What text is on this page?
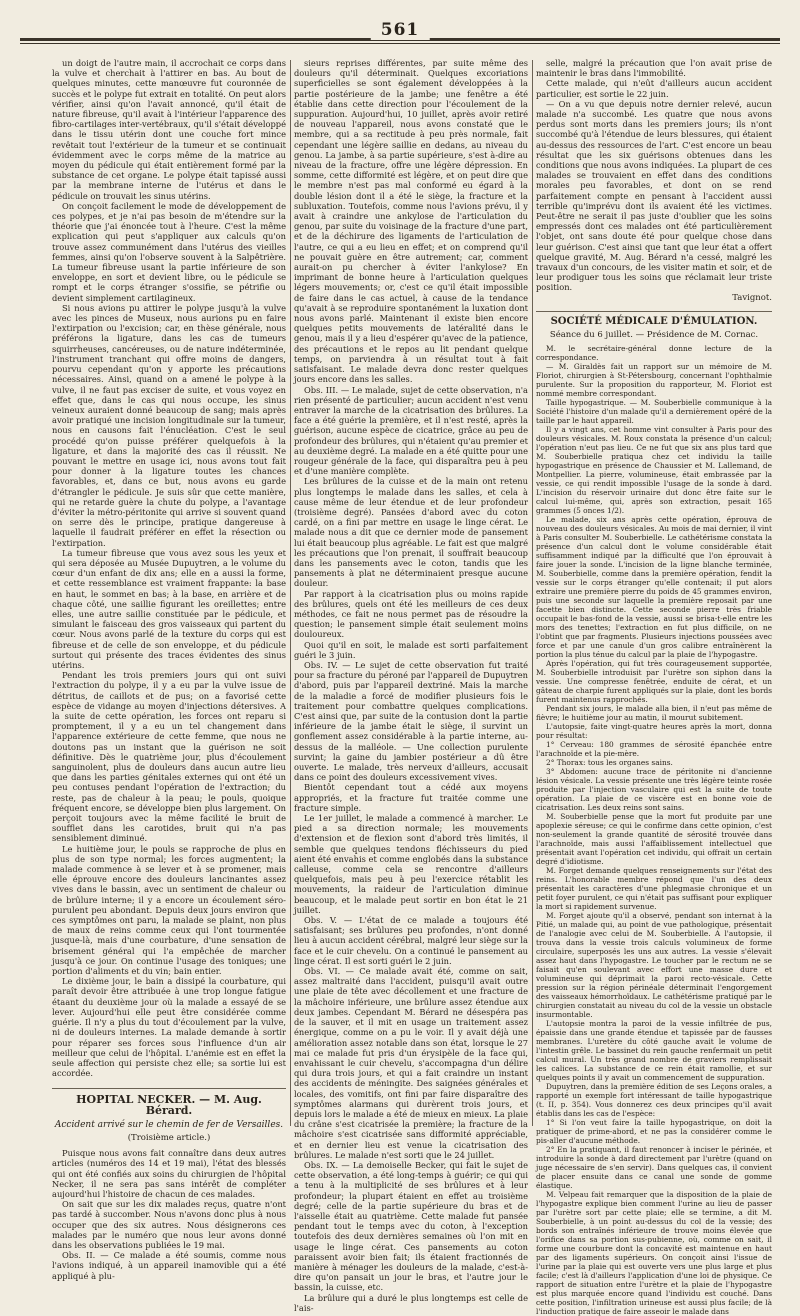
561

un doigt de l'autre main, il accrochait ce corps dans la vulve et cherchait à l'attirer en bas. Au bout de quelques minutes, cette manœuvre fut couronnée de succès et le polype fut extrait en totalité. On peut alors vérifier, ainsi qu'on l'avait annoncé, qu'il était de nature fibreuse, qu'il avait à l'intérieur l'apparence des fibro-cartilages inter-vertébraux, qu'il s'était développé dans le tissu utérin dont une couche fort mince revêtait tout l'extérieur de la tumeur et se continuait évidemment avec le corps même de la matrice au moyen du pédicule qui était entièrement formé par la substance de cet organe. Le polype était tapissé aussi par la membrane interne de l'utérus et dans le pédicule on trouvait les sinus utérins.

On conçoit facilement le mode de développement de ces polypes, et je n'ai pas besoin de m'étendre sur la théorie que j'ai énoncée tout à l'heure. C'est la même explication qui peut s'appliquer aux calculs qu'on trouve assez communément dans l'utérus des vieilles femmes, ainsi qu'on l'observe souvent à la Salpêtrière. La tumeur fibreuse usant la partie inférieure de son enveloppe, en sort et devient libre, ou le pédicule se rompt et le corps étranger s'ossifie, se pétrifie ou devient simplement cartilagineux.

Si nous avions pu attirer le polype jusqu'à la vulve avec les pinces de Museux, nous aurions pu en faire l'extirpation ou l'excision; car, en thèse générale, nous préférons la ligature, dans les cas de tumeurs squirrheuses, cancéreuses, ou de nature indéterminée, l'instrument tranchant qui offre moins de dangers, pourvu cependant qu'on y apporte les précautions nécessaires. Ainsi, quand on a amené le polype à la vulve, il ne faut pas exciser de suite, et vous voyez en effet que, dans le cas qui nous occupe, les sinus veineux auraient donné beaucoup de sang; mais après avoir pratiqué une incision longitudinale sur la tumeur, nous en causons fait l'énucléation. C'est le seul procédé qu'on puisse préférer quelquefois à la ligature, et dans la majorité des cas il réussit. Ne pouvant le mettre en usage ici, nous avons tout fait pour donner à la ligature toutes les chances favorables, et, dans ce but, nous avons eu garde d'étrangler le pédicule. Je suis sûr que cette manière, qui ne retarde guère la chute du polype, a l'avantage d'éviter la métro-péritonite qui arrive si souvent quand on serre dès le principe, pratique dangereuse à laquelle il faudrait préférer en effet la résection ou l'extirpation.

La tumeur fibreuse que vous avez sous les yeux et qui sera déposée au Musée Dupuytren, a le volume du cœur d'un enfant de dix ans; elle en a aussi la forme, et cette ressemblance est vraiment frappante: la base en haut, le sommet en bas; à la base, en arrière et de chaque côté, une saillie figurant les oreillettes; entre elles, une autre saillie constituée par le pédicule, et simulant le faisceau des gros vaisseaux qui partent du cœur. Nous avons parlé de la texture du corps qui est fibreuse et de celle de son enveloppe, et du pédicule surtout qui présente des traces évidentes des sinus utérins.

Pendant les trois premiers jours qui ont suivi l'extraction du polype, il y a eu par la vulve issue de détritus, de caillots et de pus; on a favorisé cette espèce de vidange au moyen d'injections détersives. A la suite de cette opération, les forces ont reparu si promptement, il y a eu un tel changement dans l'apparence extérieure de cette femme, que nous ne doutons pas un instant que la guérison ne soit définitive. Dès le quatrième jour, plus d'écoulement sanguinolent, plus de douleurs dans aucun autre lieu que dans les parties génitales externes qui ont été un peu contuses pendant l'opération de l'extraction; du reste, pas de chaleur à la peau; le pouls, quoique fréquent encore, se développe bien plus largement. On perçoit toujours avec la même facilité le bruit de soufflet dans les carotides, bruit qui n'a pas sensiblement diminué.

Le huitième jour, le pouls se rapproche de plus en plus de son type normal; les forces augmentent; la malade commence à se lever et à se promener, mais elle éprouve encore des douleurs lancinantes assez vives dans le bassin, avec un sentiment de chaleur ou de brûlure interne; il y a encore un écoulement séro-purulent peu abondant. Depuis deux jours environ que ces symptômes ont paru, la malade se plaint, non plus de maux de reins comme ceux qui l'ont tourmentée jusque-là, mais d'une courbature, d'une sensation de brisement général qui l'a empêchée de marcher jusqu'à ce jour. On continue l'usage des toniques; une portion d'aliments et du vin; bain entier.

Le dixième jour, le bain a dissipé la courbature, qui paraît devoir être attribuée à une trop longue fatigue étaant du deuxième jour où la malade a essayé de se lever. Aujourd'hui elle peut être considérée comme guérie. Il n'y a plus du tout d'écoulement par la vulve, ni de douleurs internes. La malade demande à sortir pour réparer ses forces sous l'influence d'un air meilleur que celui de l'hôpital. L'anémie est en effet la seule affection qui persiste chez elle; sa sortie lui est accordée.

HOPITAL NECKER. — M. Aug. Bérard.
Accident arrivé sur le chemin de fer de Versailles.
(Troisième article.)

Puisque nous avons fait connaître dans deux autres articles (numéros des 14 et 19 mai), l'état des blessés qui ont été confiés aux soins du chirurgien de l'hôpital Necker, il ne sera pas sans intérêt de compléter aujourd'hui l'histoire de chacun de ces malades.

On sait que sur les dix malades reçus, quatre n'ont pas tardé à succomber. Nous n'avons donc plus à nous occuper que des six autres. Nous désignerons ces malades par le numéro que nous leur avons donné dans les observations publiées le 19 mai.

Obs. II. — Ce malade a été soumis, comme nous l'avions indiqué, à un appareil inamovible qui a été appliqué à plu-

sieurs reprises différentes, par suite même des douleurs qu'il déterminait. Quelques excoriations superficielles se sont également développées à la partie postérieure de la jambe; une fenêtre a été établie dans cette direction pour l'écoulement de la suppuration. Aujourd'hui, 10 juillet, après avoir retiré de nouveau l'appareil, nous avons constaté que le membre, qui a sa rectitude à peu près normale, fait cependant une légère saillie en dedans, au niveau du genou. La jambe, à sa partie supérieure, s'est à-dire au niveau de la fracture, offre une légère dépression. En somme, cette difformité est légère, et on peut dire que le membre n'est pas mal conformé eu égard à la double lésion dont il a été le siège, la fracture et la subluxation. Toutefois, comme nous l'avions prévu, il y avait à craindre une ankylose de l'articulation du genou, par suite du voisinage de la fracture d'une part, et de la déchirure des ligaments de l'articulation de l'autre, ce qui a eu lieu en effet; et on comprend qu'il ne pouvait guère en être autrement; car, comment aurait-on pu chercher à éviter l'ankylose? En imprimant de bonne heure à l'articulation quelques légers mouvements; or, c'est ce qu'il était impossible de faire dans le cas actuel, à cause de la tendance qu'avait à se reproduire spontanément la luxation dont nous avons parlé. Maintenant il existe bien encore quelques petits mouvements de latéralité dans le genou, mais il y a lieu d'espérer qu'avec de la patience, des précautions et le repos au lit pendant quelque temps, on parviendra à un résultat tout à fait satisfaisant. Le malade devra donc rester quelques jours encore dans les salles.

Obs. III. — Le malade, sujet de cette observation, n'a rien présenté de particulier; aucun accident n'est venu entraver la marche de la cicatrisation des brûlures. La face a été guérie la première, et il n'est resté, après la guérison, aucune espèce de cicatrice, grâce au peu de profondeur des brûlures, qui n'étaient qu'au premier et au deuxième degré. La malade en a été quitte pour une rougeur générale de la face, qui disparaîtra peu à peu et d'une manière complète.

Les brûlures de la cuisse et de la main ont retenu plus longtemps le malade dans les salles, et cela à cause même de leur étendue et de leur profondeur (troisième degré). Pansées d'abord avec du coton cardé, on a fini par mettre en usage le linge cérat. Le malade nous a dit que ce dernier mode de pansement lui était beaucoup plus agréable. Le fait est que malgré les précautions que l'on prenait, il souffrait beaucoup dans les pansements avec le coton, tandis que les pansements à plat ne déterminaient presque aucune douleur.

Par rapport à la cicatrisation plus ou moins rapide des brûlures, quels ont été les meilleurs de ces deux méthodes, ce fait ne nous permet pas de résoudre la question; le pansement simple était seulement moins douloureux.

Quoi qu'il en soit, le malade est sorti parfaitement guéri le 3 juin.

Obs. IV. — Le sujet de cette observation fut traité pour sa fracture du péroné par l'appareil de Dupuytren d'abord, puis par l'appareil dextriné. Mais la marche de la maladie a forcé de modifier plusieurs fois le traitement pour combattre quelques complications. C'est ainsi que, par suite de la contusion dont la partie inférieure de la jambe était le siège, il survint un gonflement assez considérable à la partie interne, au-dessus de la malléole. — Une collection purulente survint; la gaine du jambier postérieur a dû être ouverte. Le malade, très nerveux d'ailleurs, accusait dans ce point des douleurs excessivement vives.

Bientôt cependant tout a cédé aux moyens appropriés, et la fracture fut traitée comme une fracture simple.

Le 1er juillet, le malade a commencé à marcher. Le pied a sa direction normale; les mouvements d'extension et de flexion sont d'abord très limités, il semble que quelques tendons fléchisseurs du pied aient été envahis et comme englobés dans la substance calleuse, comme cela se rencontre d'ailleurs quelquefois, mais peu à peu l'exercice rétablit les mouvements, la raideur de l'articulation diminue beaucoup, et le malade peut sortir en bon état le 21 juillet.

Obs. V. — L'état de ce malade a toujours été satisfaisant; ses brûlures peu profondes, n'ont donné lieu à aucun accident cérébral, malgré leur siège sur la face et le cuir chevelu. On a continué le pansement au linge cérat. Il est sorti guéri le 2 juin.

Obs. VI. — Ce malade avait été, comme on sait, assez maltraité dans l'accident, puisqu'il avait outre une plaie de tête avec décollement et une fracture de la mâchoire inférieure, une brûlure assez étendue aux deux jambes. Cependant M. Bérard ne désespéra pas de la sauver, et il mit en usage un traitement assez énergique, comme on a pu le voir. Il y avait déjà une amélioration assez notable dans son état, lorsque le 27 mai ce malade fut pris d'un érysipèle de la face qui, envahissant le cuir chevelu, s'accompagna d'un délire qui dura trois jours, et qui a fait craindre un instant des accidents de méningite. Des saignées générales et locales, des vomitifs, ont fini par faire disparaître des symptômes alarmans qui durèrent trois jours, et depuis lors le malade a été de mieux en mieux. La plaie du crâne s'est cicatrisée la première; la fracture de la mâchoire s'est cicatrisée sans difformité appréciable, et en dernier lieu est venue la cicatrisation des brûlures. Le malade n'est sorti que le 24 juillet.

Obs. IX. — La demoiselle Becker, qui fait le sujet de cette observation, a été long-temps à guérir; ce qui qui a tenu à la multiplicité de ses brûlures et à leur profondeur; la plupart étaient en effet au troisième degré; celle de la partie supérieure du bras et de l'aisselle était au quatrième. Cette malade fut pansée pendant tout le temps avec du coton, à l'exception toutefois des deux dernières semaines où l'on mit en usage le linge cérat. Ces pansements au coton paraissent avoir bien fait; ils étaient fractionnés de manière à ménager les douleurs de la malade, c'est-à-dire qu'on pansait un jour le bras, et l'autre jour le bassin, la cuisse, etc.

La brûlure qui a duré le plus longtemps est celle de l'ais-

selle, malgré la précaution que l'on avait prise de maintenir le bras dans l'immobilité.

Cette malade, qui n'eût d'ailleurs aucun accident particulier, est sortie le 22 juin.

— On a vu que depuis notre dernier relevé, aucun malade n'a succombé. Les quatre que nous avons perdus sont morts dans les premiers jours; ils n'ont succombé qu'à l'étendue de leurs blessures, qui étaient au-dessus des ressources de l'art. C'est encore un beau résultat que les six guérisons obtenues dans les conditions que nous avons indiquées. La plupart de ces malades se trouvaient en effet dans des conditions morales peu favorables, et dont on se rend parfaitement compte en pensant à l'accident aussi terrible qu'imprévu dont ils avaient été les victimes. Peut-être ne serait il pas juste d'oublier que les soins empressés dont ces malades ont été particulièrement l'objet, ont sans doute été pour quelque chose dans leur guérison. C'est ainsi que tant que leur état a offert quelque gravité, M. Aug. Bérard n'a cessé, malgré les travaux d'un concours, de les visiter matin et soir, et de leur prodiguer tous les soins que réclamait leur triste position.

Tavignot.
SOCIÉTÉ MÉDICALE D'ÉMULATION.
Séance du 6 juillet. — Présidence de M. Cornac.

M. le secrétaire-général donne lecture de la correspondance.

— M. Giraldès fait un rapport sur un mémoire de M. Floriot, chirurgien à St-Pétersbourg, concernant l'ophthalmie purulente. Sur la proposition du rapporteur, M. Floriot est nommé membre correspondant.

Taille hypogastrique. — M. Souberbielle communique à la Société l'histoire d'un malade qu'il a dernièrement opéré de la taille par le haut appareil.

Il y a vingt ans, cet homme vint consulter à Paris pour des douleurs vésicales. M. Roux constata la présence d'un calcul; l'opération n'eut pas lieu. Ce ne fut que six ans plus tard que M. Souberbielle pratiqua chez cet individu la taille hypogastrique en présence de Chaussier et M. Lallemand, de Montpellier. La pierre, volumineuse, était embrassée par la vessie, ce qui rendit impossible l'usage de la sonde à dard. L'incision du réservoir urinaire dut donc être faite sur le calcul lui-même, qui, après son extraction, pesait 165 grammes (5 onces 1/2).

Le malade, six ans après cette opération, éprouva de nouveau des douleurs vésicales. Au mois de mai dernier, il vint à Paris consulter M. Souberbielle. Le cathétérisme constata la présence d'un calcul dont le volume considérable était suffisamment indiqué par la difficulté que l'on éprouvait à faire jouer la sonde. L'incision de la ligne blanche terminée, M. Souberbielle, comme dans la première opération, fendit la vessie sur le corps étranger qu'elle contenait; il put alors extraire une première pierre du poids de 45 grammes environ, puis une seconde sur laquelle la première reposait par une facette bien distincte. Cette seconde pierre très friable occupait le bas-fond de la vessie, aussi se brisa-t-elle entre les mors des tenettes; l'extraction en fut plus difficile, on ne l'obtint que par fragments. Plusieurs injections poussées avec force et par une canule d'un gros calibre entraînèrent la portion la plus ténue du calcul par la plaie de l'hypogastre.

Après l'opération, qui fut très courageusement supportée, M. Souberbielle introduisit par l'urètre son siphon dans la vessie. Une compresse fenêtrée, enduite de cérat, et un gâteau de charpie furent appliqués sur la plaie, dont les bords furent maintenus rapprochés.

Pendant six jours, le malade alla bien, il n'eut pas même de fièvre; le huitième jour au matin, il mourut subitement.

L'autopsie, faite vingt-quatre heures après la mort, donna pour résultat:

1° Cerveau: 180 grammes de sérosité épanchée entre l'arachnoïde et la pie-mère.

2° Thorax: tous les organes sains.

3° Abdomen: aucune trace de péritonite ni d'ancienne lésion vésicale. La vessie présente une très légère teinte rosée produite par l'injection vasculaire qui est la suite de toute opération. La plaie de ce viscère est en bonne voie de cicatrisation. Les deux reins sont sains.

M. Souberbielle pense que la mort fut produite par une apoplexie séreuse; ce qui le confirme dans cette opinion, c'est non-seulement la grande quantité de sérosité trouvée dans l'arachnoïde, mais aussi l'affaiblissement intellectuel que présentait avant l'opération cet individu, qui offrait un certain degré d'idiotisme.

M. Forget demande quelques renseignements sur l'état des reins. L'honorable membre répond que l'un des deux présentait les caractères d'une phlegmasie chronique et un petit foyer purulent, ce qui n'était pas suffisant pour expliquer la mort si rapidement survenue.

M. Forget ajoute qu'il a observé, pendant son internat à la Pitié, un malade qui, au point de vue pathologique, présentait de l'analogie avec celui de M. Souberbielle. A l'autopsie, il trouva dans la vessie trois calculs volumineux de forme circulaire, superposés les uns aux autres. La vessie s'élevait assez haut dans l'hypogastre. Le toucher par le rectum ne se faisait qu'en soulevant avec effort une masse dure et volumineuse qui déprimait la paroi recto-vésicale. Cette pression sur la région périnéale déterminait l'engorgement des vaisseaux hémorrhoïdaux. Le cathétérisme pratiqué par le chirurgien constatait au niveau du col de la vessie un obstacle insurmontable.

L'autopsie montra la paroi de la vessie infiltrée de pus, épaissie dans une grande étendue et tapissée par de fausses membranes. L'uretère du côté gauche avait le volume de l'intestin grêle. Le bassinet du rein gauche renfermait un petit calcul mural. Un très grand nombre de graviers remplissait les calices. La substance de ce rein était ramollie, et sur quelques points il y avait un commencement de suppuration.

Dupuytren, dans la première édition de ses Leçons orales, a rapporté un exemple fort intéressant de taille hypogastrique (t. II, p. 354). Vous donnerez ces deux principes qu'il avait établis dans les cas de l'espèce:

1° Si l'on veut faire la taille hypogastrique, on doit la pratiquer de prime-abord, et ne pas la considérer comme le pis-aller d'aucune méthode.

2° En la pratiquant, il faut renoncer à inciser le périnée, et introduire la sonde à dard directement par l'urètre (quand on juge nécessaire de s'en servir). Dans quelques cas, il convient de placer ensuite dans ce canal une sonde de gomme élastique.

M. Velpeau fait remarquer que la disposition de la plaie de l'hypogastre explique bien comment l'urine au lieu de passer par l'urètre sort par cette plaie; elle se termine, a dit M. Souberbielle, à un point au-dessus du col de la vessie; des bords son entraînés inférieure de trouve moins élevée que l'orifice dans sa portion sus-pubienne, où, comme on sait, il forme une courbure dont la concavité est maintenue en haut par des ligaments supérieurs. On conçoit ainsi l'issue de l'urine par la plaie qui est ouverte vers une plus large et plus facile; c'est là d'ailleurs l'application d'une loi de physique. Ce rapport de situation entre l'urètre et la plaie de l'hypogastre est plus marquée encore quand l'individu est couché. Dans cette position, l'infiltration urineuse est aussi plus facile; de là l'induction pratique de faire asseoir le malade dans
